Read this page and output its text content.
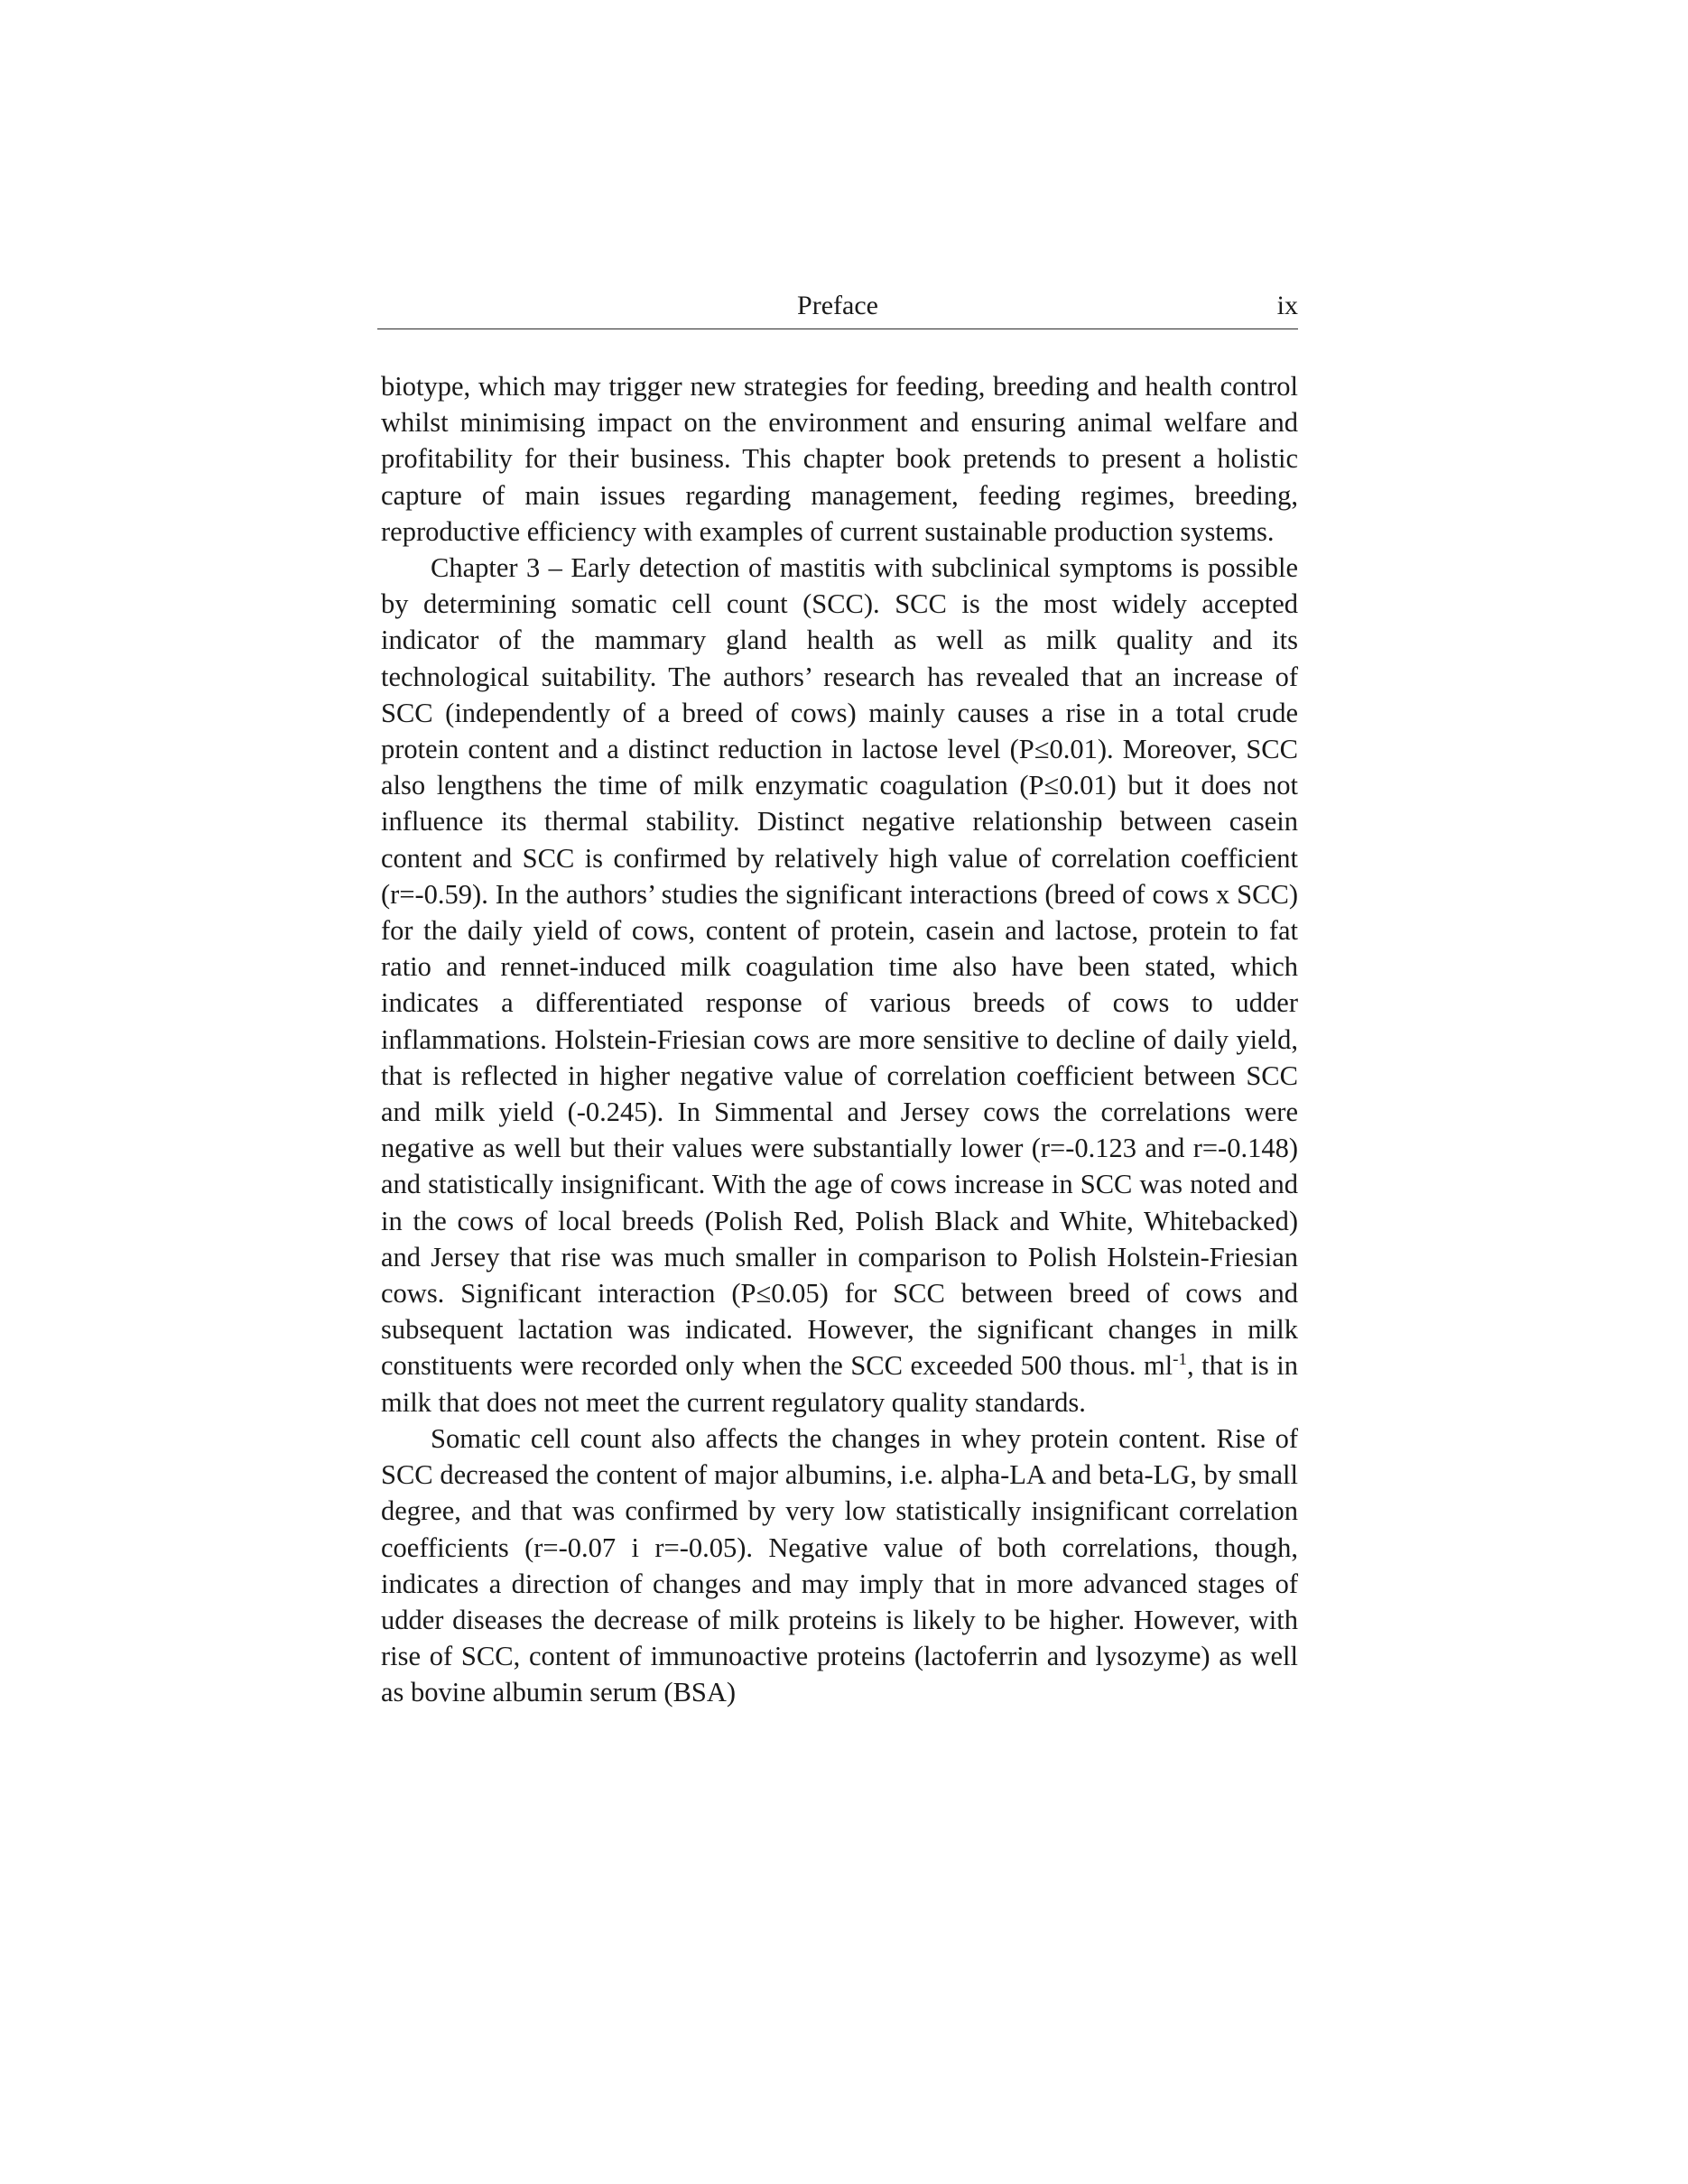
Preface	ix

biotype, which may trigger new strategies for feeding, breeding and health control whilst minimising impact on the environment and ensuring animal welfare and profitability for their business. This chapter book pretends to present a holistic capture of main issues regarding management, feeding regimes, breeding, reproductive efficiency with examples of current sustainable production systems.

Chapter 3 – Early detection of mastitis with subclinical symptoms is possible by determining somatic cell count (SCC). SCC is the most widely accepted indicator of the mammary gland health as well as milk quality and its technological suitability. The authors’ research has revealed that an increase of SCC (independently of a breed of cows) mainly causes a rise in a total crude protein content and a distinct reduction in lactose level (P≤0.01). Moreover, SCC also lengthens the time of milk enzymatic coagulation (P≤0.01) but it does not influence its thermal stability. Distinct negative relationship between casein content and SCC is confirmed by relatively high value of correlation coefficient (r=-0.59). In the authors’ studies the significant interactions (breed of cows x SCC) for the daily yield of cows, content of protein, casein and lactose, protein to fat ratio and rennet-induced milk coagulation time also have been stated, which indicates a differentiated response of various breeds of cows to udder inflammations. Holstein-Friesian cows are more sensitive to decline of daily yield, that is reflected in higher negative value of correlation coefficient between SCC and milk yield (-0.245). In Simmental and Jersey cows the correlations were negative as well but their values were substantially lower (r=-0.123 and r=-0.148) and statistically insignificant. With the age of cows increase in SCC was noted and in the cows of local breeds (Polish Red, Polish Black and White, Whitebacked) and Jersey that rise was much smaller in comparison to Polish Holstein-Friesian cows. Significant interaction (P≤0.05) for SCC between breed of cows and subsequent lactation was indicated. However, the significant changes in milk constituents were recorded only when the SCC exceeded 500 thous. $ml^{-1}$, that is in milk that does not meet the current regulatory quality standards.

Somatic cell count also affects the changes in whey protein content. Rise of SCC decreased the content of major albumins, i.e. alpha-LA and beta-LG, by small degree, and that was confirmed by very low statistically insignificant correlation coefficients (r=-0.07 i r=-0.05). Negative value of both correlations, though, indicates a direction of changes and may imply that in more advanced stages of udder diseases the decrease of milk proteins is likely to be higher. However, with rise of SCC, content of immunoactive proteins (lactoferrin and lysozyme) as well as bovine albumin serum (BSA)
